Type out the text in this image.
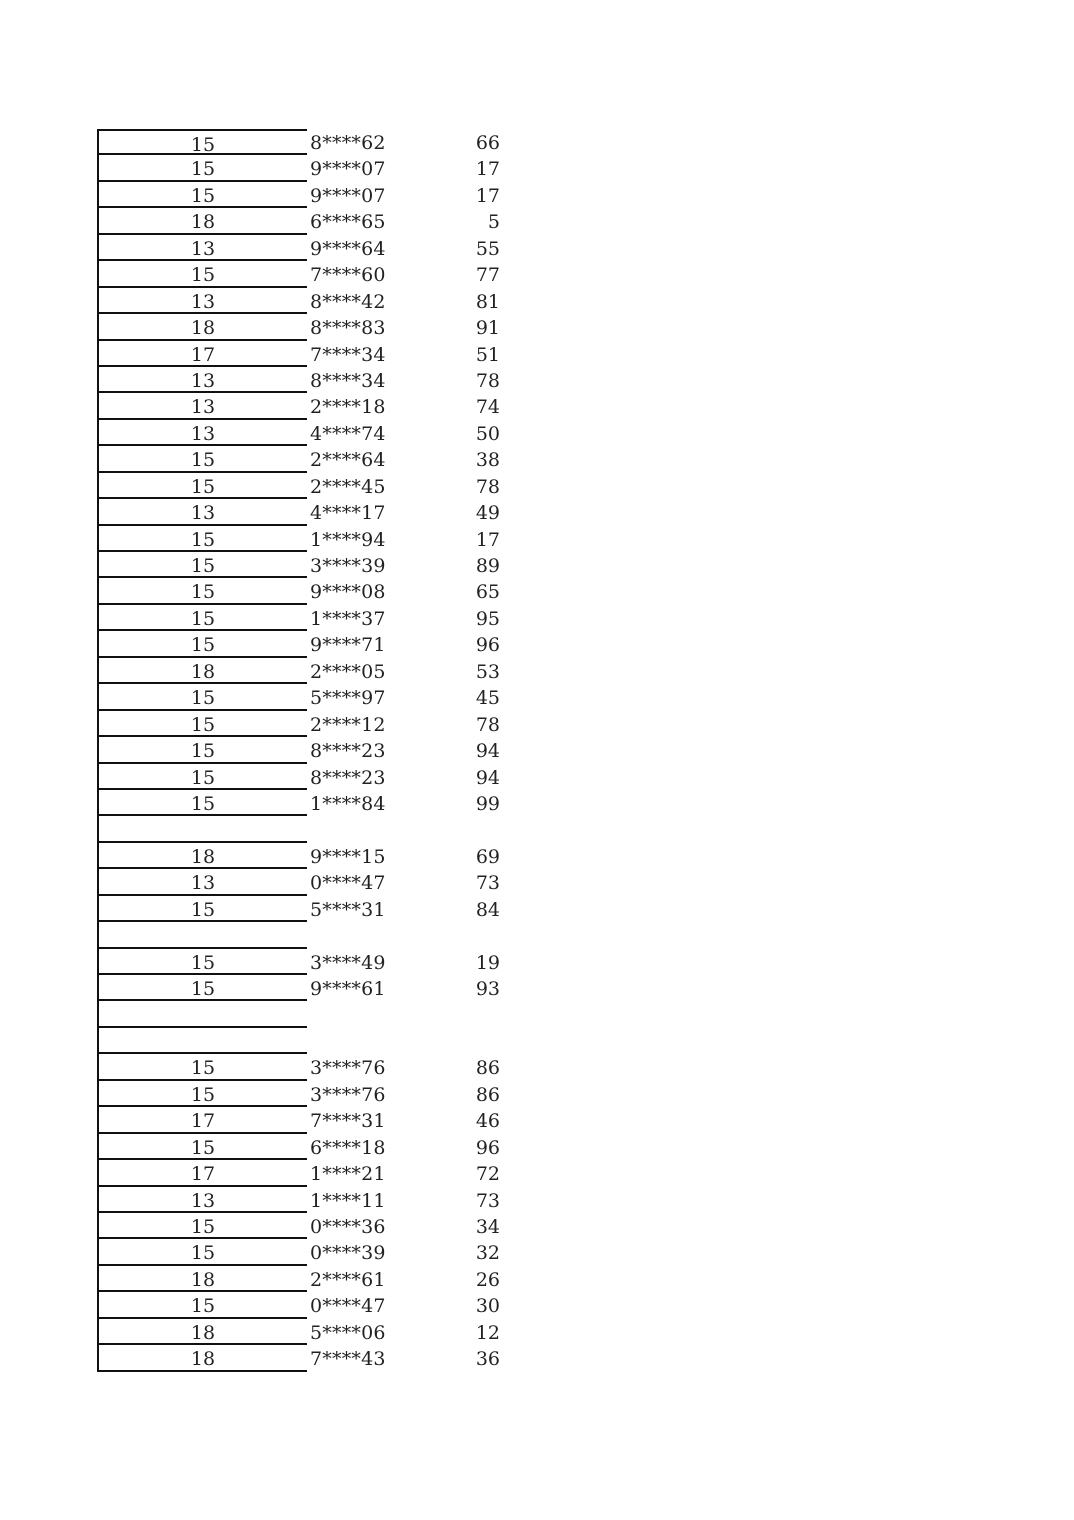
15	8****62	66
15	9****07	17
15	9****07	17
18	6****65	5
13	9****64	55
15	7****60	77
13	8****42	81
18	8****83	91
17	7****34	51
13	8****34	78
13	2****18	74
13	4****74	50
15	2****64	38
15	2****45	78
13	4****17	49
15	1****94	17
15	3****39	89
15	9****08	65
15	1****37	95
15	9****71	96
18	2****05	53
15	5****97	45
15	2****12	78
15	8****23	94
15	8****23	94
15	1****84	99
18	9****15	69
13	0****47	73
15	5****31	84
15	3****49	19
15	9****61	93
15	3****76	86
15	3****76	86
17	7****31	46
15	6****18	96
17	1****21	72
13	1****11	73
15	0****36	34
15	0****39	32
18	2****61	26
15	0****47	30
18	5****06	12
18	7****43	36
